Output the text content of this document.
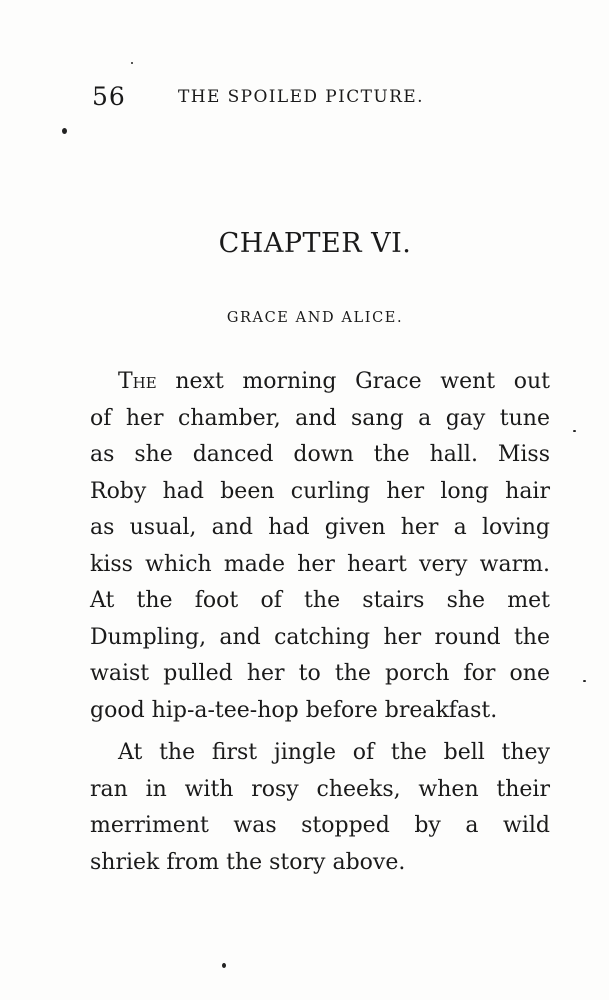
56	THE SPOILED PICTURE.
CHAPTER VI.
GRACE AND ALICE.
The next morning Grace went out
of her chamber, and sang a gay tune
as she danced down the hall. Miss
Roby had been curling her long hair
as usual, and had given her a loving
kiss which made her heart very warm.
At the foot of the stairs she met
Dumpling, and catching her round the
waist pulled her to the porch for one
good hip-a-tee-hop before breakfast.
At the first jingle of the bell they
ran in with rosy cheeks, when their
merriment was stopped by a wild
shriek from the story above.
